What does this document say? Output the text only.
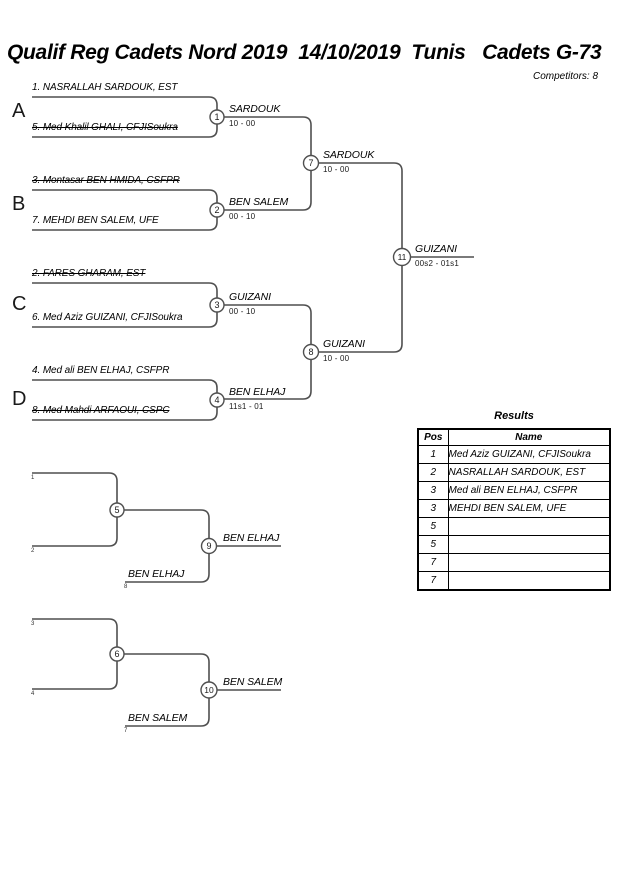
1
2
3
4
7
8
11
5
9
6
10
Qualif Reg Cadets Nord 2019  14/10/2019  Tunis   Cadets G-73
Competitors: 8
A
B
C
D
1. NASRALLAH SARDOUK, EST
5. Med Khalil GHALI, CFJISoukra
3. Montasar BEN HMIDA, CSFPR
7. MEHDI BEN SALEM, UFE
2. FARES GHARAM, EST
6. Med Aziz GUIZANI, CFJISoukra
4. Med ali BEN ELHAJ, CSFPR
8. Med Mahdi ARFAOUI, CSPC
SARDOUK
10 - 00
BEN SALEM
00 - 10
GUIZANI
00 - 10
BEN ELHAJ
11s1 - 01
SARDOUK
10 - 00
GUIZANI
10 - 00
GUIZANI
00s2 - 01s1
BEN ELHAJ
BEN ELHAJ
BEN SALEM
BEN SALEM
1
2
3
4
8
7
Results
Pos	Name
1	Med Aziz GUIZANI, CFJISoukra
2	NASRALLAH SARDOUK, EST
3	Med ali BEN ELHAJ, CSFPR
3	MEHDI BEN SALEM, UFE
5	
5	
7	
7	
